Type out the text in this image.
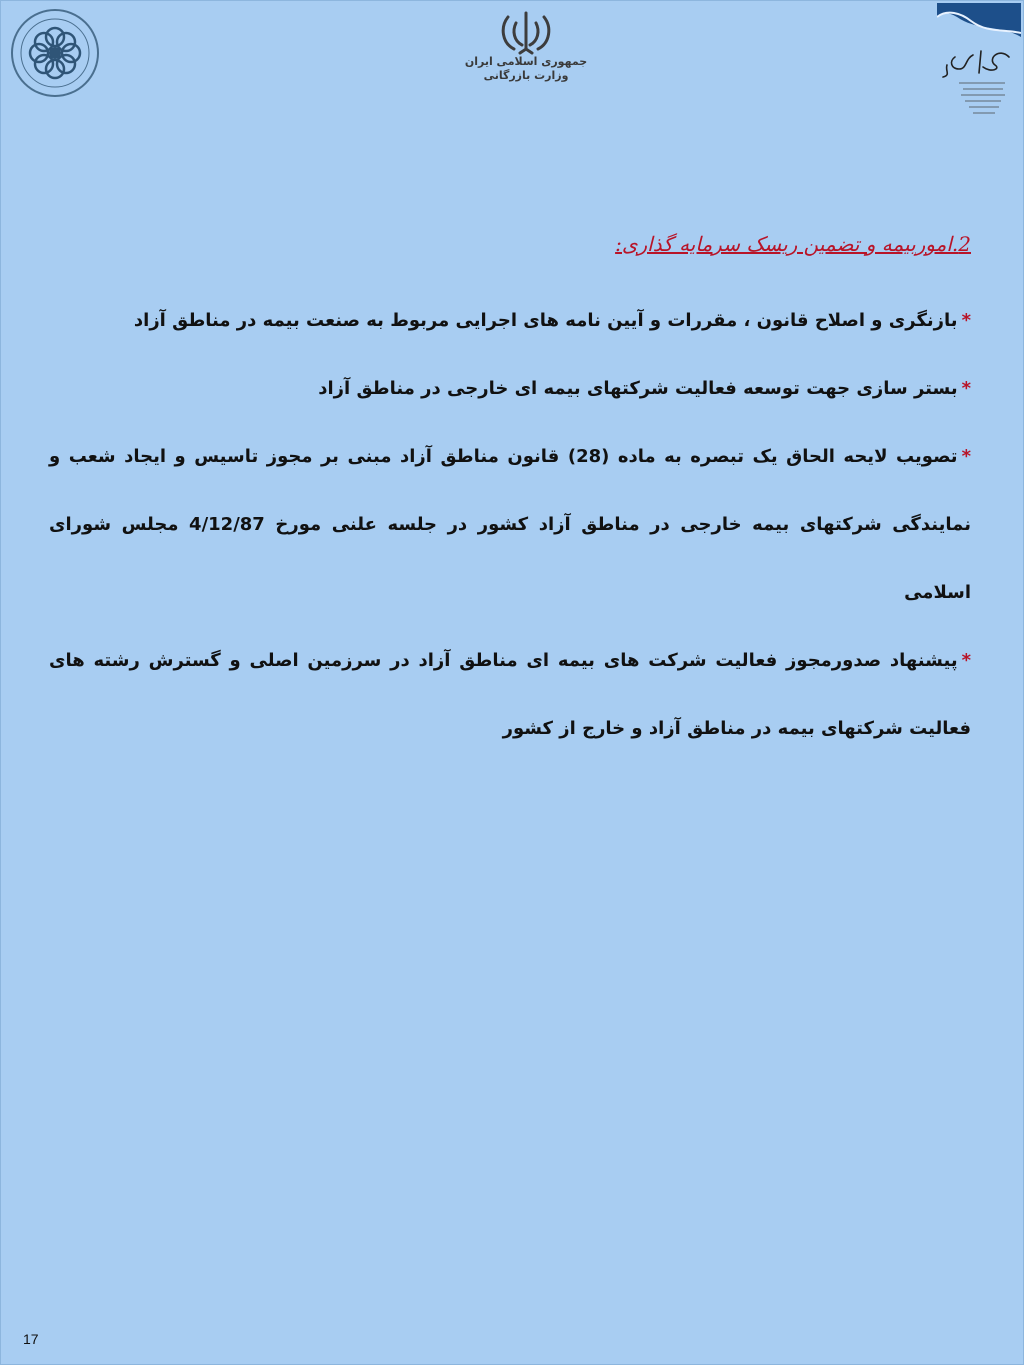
جمهوری اسلامی ایران
وزارت بازرگانی
2.اموربیمه و تضمین ریسک سرمایه گذاری:

*بازنگری و اصلاح قانون ، مقررات و آیین نامه های اجرایی مربوط به صنعت بیمه در مناطق آزاد

*بستر سازی جهت توسعه فعالیت شرکتهای بیمه ای خارجی در مناطق آزاد

*تصویب لایحه الحاق یک تبصره به ماده (28) قانون مناطق آزاد مبنی بر مجوز تاسیس و ایجاد شعب و نمایندگی شرکتهای بیمه خارجی در مناطق آزاد کشور در جلسه علنی مورخ 4/12/87 مجلس شورای اسلامی

*پیشنهاد صدورمجوز فعالیت شرکت های بیمه ای مناطق آزاد در سرزمین اصلی و گسترش رشته های فعالیت شرکتهای بیمه در مناطق آزاد و خارج از کشور

17
